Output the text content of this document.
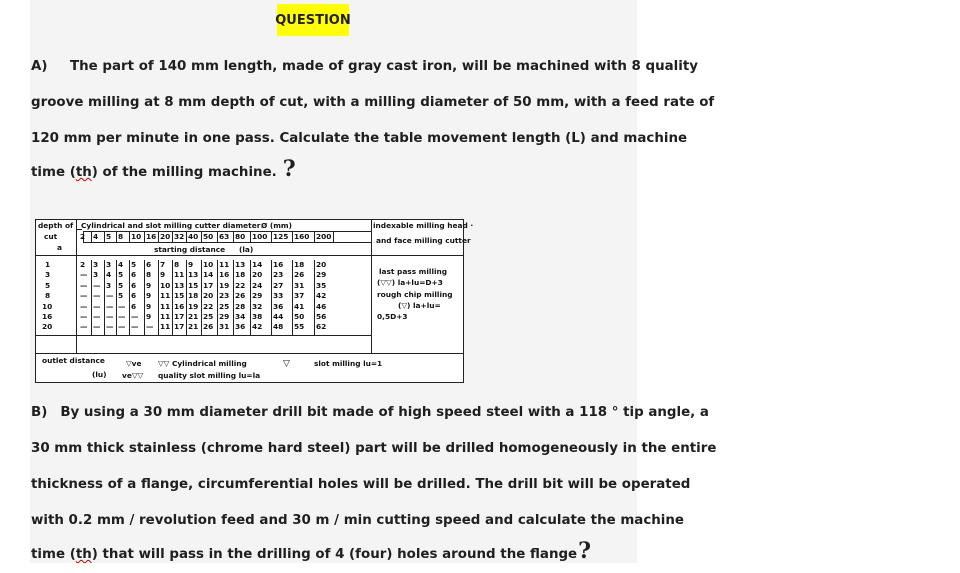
QUESTION
A) The part of 140 mm length, made of gray cast iron, will be machined with 8 quality
groove milling at 8 mm depth of cut, with a milling diameter of 50 mm, with a feed rate of
120 mm per minute in one pass. Calculate the table movement length (L) and machine
time (th) of the milling machine. ?
depth of
cut
a
Cylindrical and slot milling cutter diameter Ø (mm)	indexable milling head ·
and face milling cutter
starting distance (la)
2 4 5 8 10 16 20 32 40 50 63 80 100 125 160 200
1	2 3 3 4 5 6 7 8 9 10 11 13 14 16 18 20
3	— 3 4 5 6 8 9 11 13 14 16 18 20 23 26 29
5	— — 3 5 6 9 10 13 15 17 19 22 24 27 31 35
8	— — — 5 6 9 11 15 18 20 23 26 29 33 37 42
10	— — — — 6 9 11 16 19 22 25 28 32 36 41 46
16	— — — — — 9 11 17 21 25 29 34 38 44 50 56
20	— — — — — — 11 17 21 26 31 36 42 48 55 62
last pass milling
(▽▽) la+lu=D+3
rough chip milling
(▽) la+lu=
0,5D+3
outlet distance
(lu)
▽ve ▽▽ Cylindrical milling
ve▽▽ quality slot milling lu=la
▽	slot milling lu=1
B) By using a 30 mm diameter drill bit made of high speed steel with a 118 ° tip angle, a
30 mm thick stainless (chrome hard steel) part will be drilled homogeneously in the entire
thickness of a flange, circumferential holes will be drilled. The drill bit will be operated
with 0.2 mm / revolution feed and 30 m / min cutting speed and calculate the machine
time (th) that will pass in the drilling of 4 (four) holes around the flange?
